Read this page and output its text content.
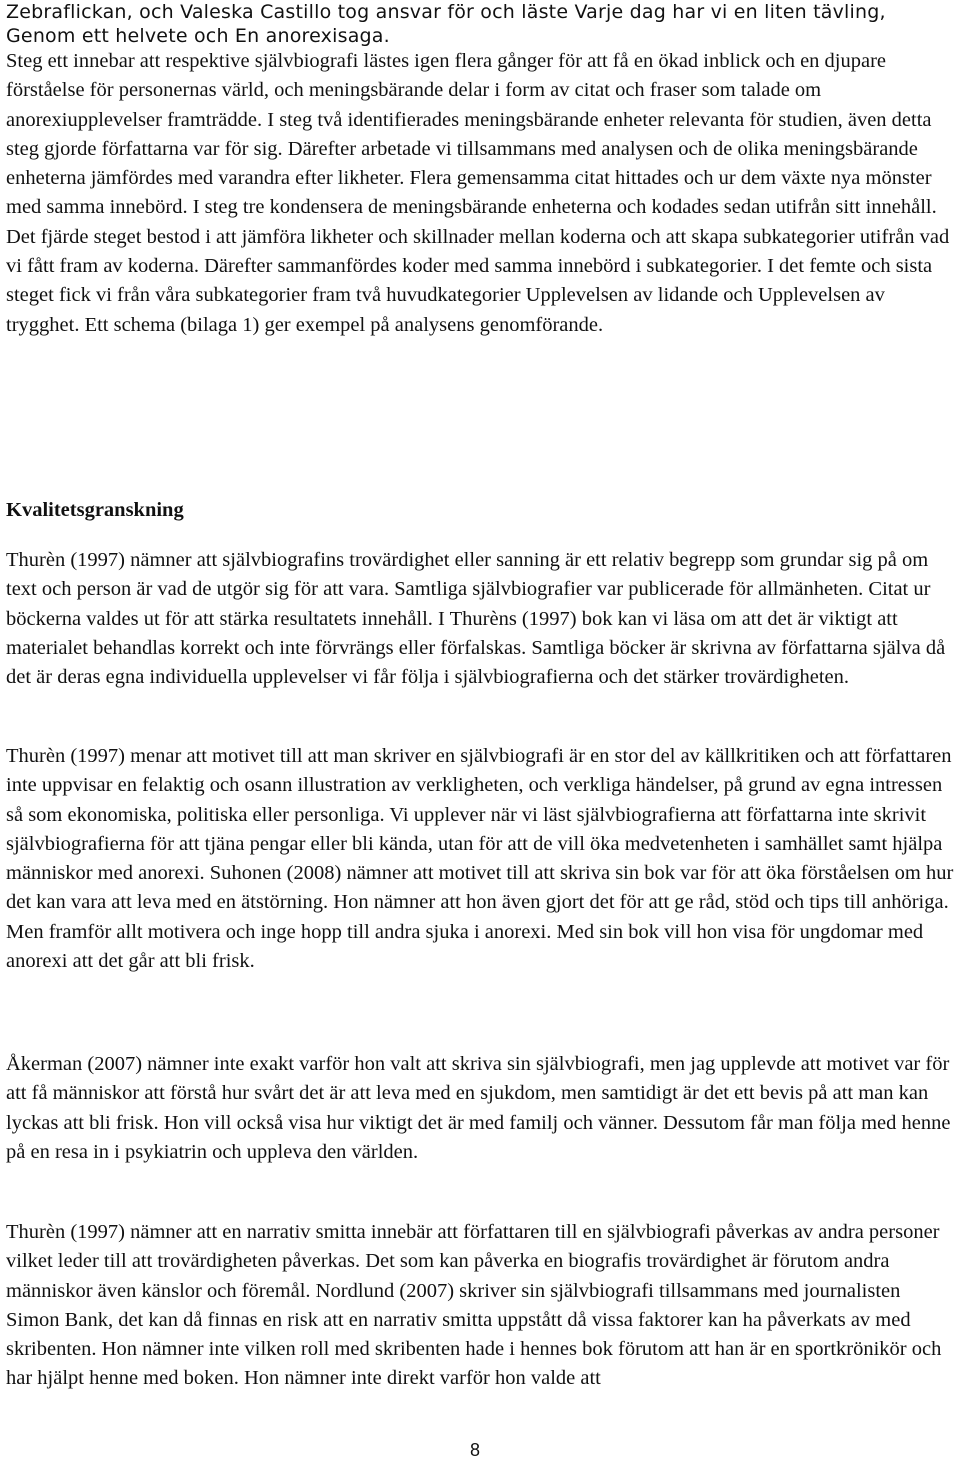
Zebraflickan, och Valeska Castillo tog ansvar för och läste Varje dag har vi en liten tävling, Genom ett helvete och En anorexisaga.

Steg ett innebar att respektive självbiografi lästes igen flera gånger för att få en ökad inblick och en djupare förståelse för personernas värld, och meningsbärande delar i form av citat och fraser som talade om anorexiupplevelser framträdde. I steg två identifierades meningsbärande enheter relevanta för studien, även detta steg gjorde författarna var för sig. Därefter arbetade vi tillsammans med analysen och de olika meningsbärande enheterna jämfördes med varandra efter likheter. Flera gemensamma citat hittades och ur dem växte nya mönster med samma innebörd. I steg tre kondensera de meningsbärande enheterna och kodades sedan utifrån sitt innehåll. Det fjärde steget bestod i att jämföra likheter och skillnader mellan koderna och att skapa subkategorier utifrån vad vi fått fram av koderna. Därefter sammanfördes koder med samma innebörd i subkategorier. I det femte och sista steget fick vi från våra subkategorier fram två huvudkategorier Upplevelsen av lidande och Upplevelsen av trygghet. Ett schema (bilaga 1) ger exempel på analysens genomförande.

Kvalitetsgranskning

Thurèn (1997) nämner att självbiografins trovärdighet eller sanning är ett relativ begrepp som grundar sig på om text och person är vad de utgör sig för att vara. Samtliga självbiografier var publicerade för allmänheten. Citat ur böckerna valdes ut för att stärka resultatets innehåll. I Thurèns (1997) bok kan vi läsa om att det är viktigt att materialet behandlas korrekt och inte förvrängs eller förfalskas. Samtliga böcker är skrivna av författarna själva då det är deras egna individuella upplevelser vi får följa i självbiografierna och det stärker trovärdigheten.

Thurèn (1997) menar att motivet till att man skriver en självbiografi är en stor del av källkritiken och att författaren inte uppvisar en felaktig och osann illustration av verkligheten, och verkliga händelser, på grund av egna intressen så som ekonomiska, politiska eller personliga. Vi upplever när vi läst självbiografierna att författarna inte skrivit självbiografierna för att tjäna pengar eller bli kända, utan för att de vill öka medvetenheten i samhället samt hjälpa människor med anorexi. Suhonen (2008) nämner att motivet till att skriva sin bok var för att öka förståelsen om hur det kan vara att leva med en ätstörning. Hon nämner att hon även gjort det för att ge råd, stöd och tips till anhöriga. Men framför allt motivera och inge hopp till andra sjuka i anorexi. Med sin bok vill hon visa för ungdomar med anorexi att det går att bli frisk.

Åkerman (2007) nämner inte exakt varför hon valt att skriva sin självbiografi, men jag upplevde att motivet var för att få människor att förstå hur svårt det är att leva med en sjukdom, men samtidigt är det ett bevis på att man kan lyckas att bli frisk. Hon vill också visa hur viktigt det är med familj och vänner. Dessutom får man följa med henne på en resa in i psykiatrin och uppleva den världen.

Thurèn (1997) nämner att en narrativ smitta innebär att författaren till en självbiografi påverkas av andra personer vilket leder till att trovärdigheten påverkas. Det som kan påverka en biografis trovärdighet är förutom andra människor även känslor och föremål. Nordlund (2007) skriver sin självbiografi tillsammans med journalisten Simon Bank, det kan då finnas en risk att en narrativ smitta uppstått då vissa faktorer kan ha påverkats av med skribenten. Hon nämner inte vilken roll med skribenten hade i hennes bok förutom att han är en sportkrönikör och har hjälpt henne med boken. Hon nämner inte direkt varför hon valde att

8
